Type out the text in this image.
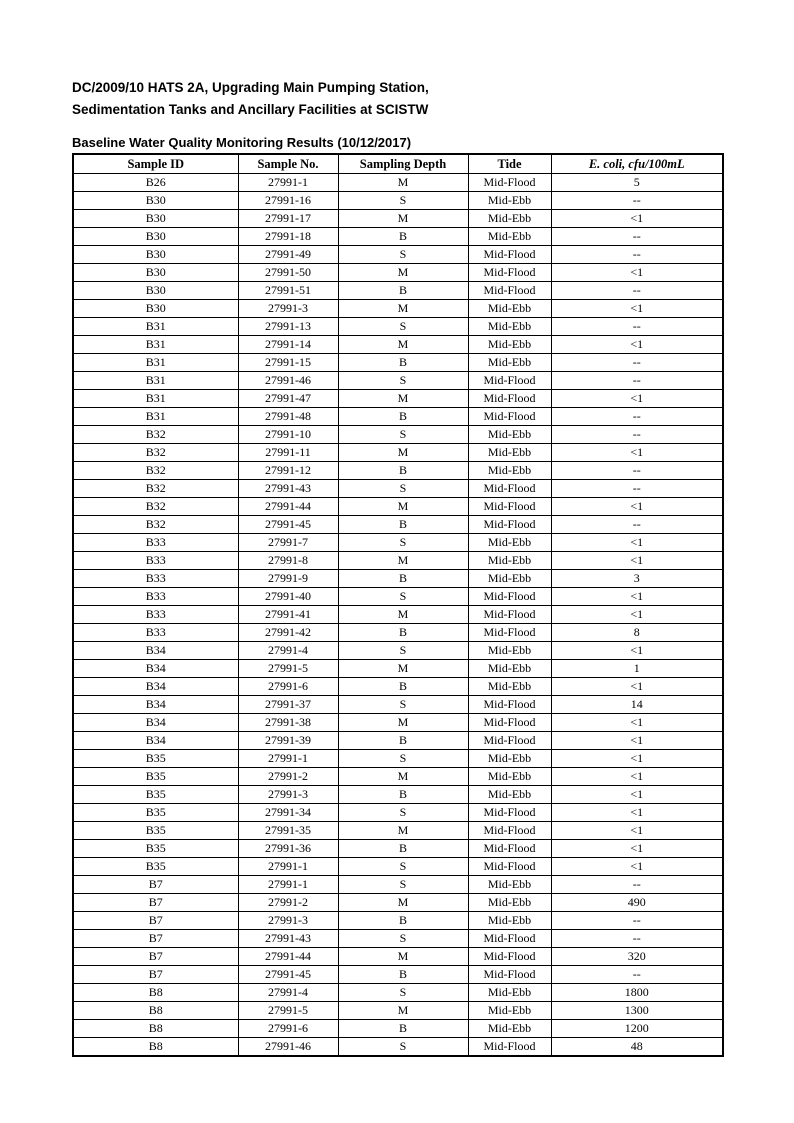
DC/2009/10 HATS 2A, Upgrading Main Pumping Station,
Sedimentation Tanks and Ancillary Facilities at SCISTW
Baseline Water Quality Monitoring Results (10/12/2017)
Sample ID	Sample No.	Sampling Depth	Tide	E. coli, cfu/100mL
B26	27991-1	M	Mid-Flood	5
B30	27991-16	S	Mid-Ebb	--
B30	27991-17	M	Mid-Ebb	<1
B30	27991-18	B	Mid-Ebb	--
B30	27991-49	S	Mid-Flood	--
B30	27991-50	M	Mid-Flood	<1
B30	27991-51	B	Mid-Flood	--
B30	27991-3	M	Mid-Ebb	<1
B31	27991-13	S	Mid-Ebb	--
B31	27991-14	M	Mid-Ebb	<1
B31	27991-15	B	Mid-Ebb	--
B31	27991-46	S	Mid-Flood	--
B31	27991-47	M	Mid-Flood	<1
B31	27991-48	B	Mid-Flood	--
B32	27991-10	S	Mid-Ebb	--
B32	27991-11	M	Mid-Ebb	<1
B32	27991-12	B	Mid-Ebb	--
B32	27991-43	S	Mid-Flood	--
B32	27991-44	M	Mid-Flood	<1
B32	27991-45	B	Mid-Flood	--
B33	27991-7	S	Mid-Ebb	<1
B33	27991-8	M	Mid-Ebb	<1
B33	27991-9	B	Mid-Ebb	3
B33	27991-40	S	Mid-Flood	<1
B33	27991-41	M	Mid-Flood	<1
B33	27991-42	B	Mid-Flood	8
B34	27991-4	S	Mid-Ebb	<1
B34	27991-5	M	Mid-Ebb	1
B34	27991-6	B	Mid-Ebb	<1
B34	27991-37	S	Mid-Flood	14
B34	27991-38	M	Mid-Flood	<1
B34	27991-39	B	Mid-Flood	<1
B35	27991-1	S	Mid-Ebb	<1
B35	27991-2	M	Mid-Ebb	<1
B35	27991-3	B	Mid-Ebb	<1
B35	27991-34	S	Mid-Flood	<1
B35	27991-35	M	Mid-Flood	<1
B35	27991-36	B	Mid-Flood	<1
B35	27991-1	S	Mid-Flood	<1
B7	27991-1	S	Mid-Ebb	--
B7	27991-2	M	Mid-Ebb	490
B7	27991-3	B	Mid-Ebb	--
B7	27991-43	S	Mid-Flood	--
B7	27991-44	M	Mid-Flood	320
B7	27991-45	B	Mid-Flood	--
B8	27991-4	S	Mid-Ebb	1800
B8	27991-5	M	Mid-Ebb	1300
B8	27991-6	B	Mid-Ebb	1200
B8	27991-46	S	Mid-Flood	48
